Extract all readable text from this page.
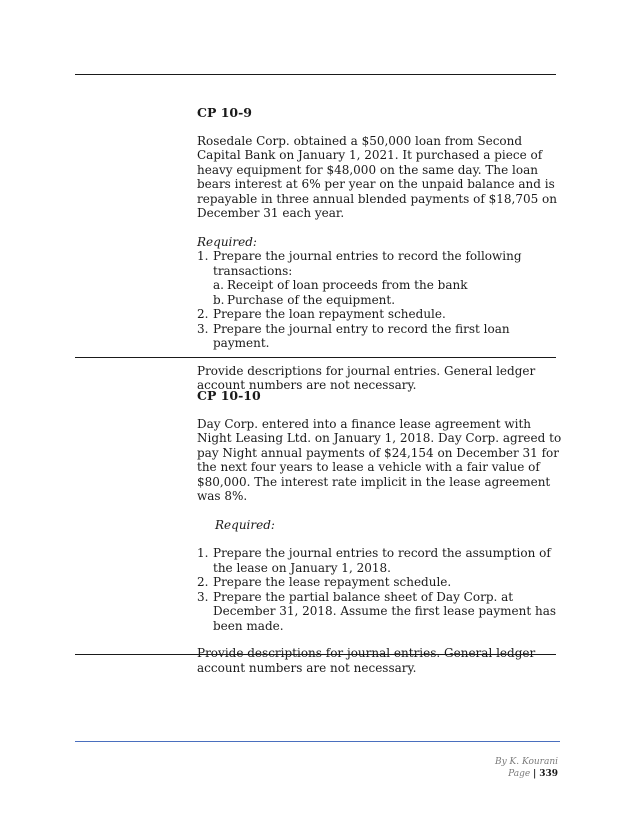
CP 10-9

Rosedale Corp. obtained a $50,000 loan from Second Capital Bank on January 1, 2021. It purchased a piece of heavy equipment for $48,000 on the same day. The loan bears interest at 6% per year on the unpaid balance and is repayable in three annual blended payments of $18,705 on December 31 each year.

Required:

1. Prepare the journal entries to record the following transactions:
a. Receipt of loan proceeds from the bank
b. Purchase of the equipment.
2. Prepare the loan repayment schedule.
3. Prepare the journal entry to record the first loan payment.

Provide descriptions for journal entries. General ledger account numbers are not necessary.

CP 10-10

Day Corp. entered into a finance lease agreement with Night Leasing Ltd. on January 1, 2018. Day Corp. agreed to pay Night annual payments of $24,154 on December 31 for the next four years to lease a vehicle with a fair value of $80,000. The interest rate implicit in the lease agreement was 8%.

Required:

1. Prepare the journal entries to record the assumption of the lease on January 1, 2018.
2. Prepare the lease repayment schedule.
3. Prepare the partial balance sheet of Day Corp. at December 31, 2018. Assume the first lease payment has been made.

Provide descriptions for journal entries. General ledger account numbers are not necessary.

By K. Kourani
Page | 339
